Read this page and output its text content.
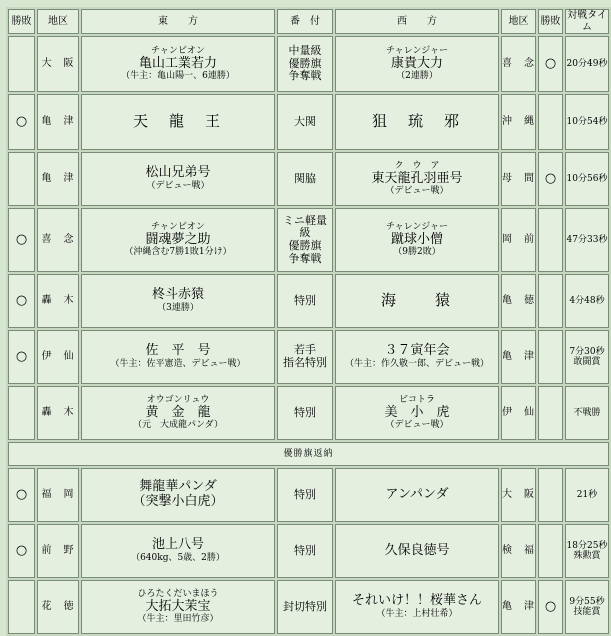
勝敗	地区	東　　方	番　付	西　　方	地区	勝敗	対戦タイム
	大　阪	チャンピオン
亀山工業若力
（牛主：亀山陽一、6連勝）	中量級
優勝旗
争奪戦	チャレンジャー
康貴大力
（2連勝）	喜　念	○	20分49秒
○	亀　津	天　龍　王	大関	狙　琉　邪	沖　縄		10分54秒
	亀　津	松山兄弟号
（デビュー戦）	関脇	ク　ウ　ア
東天龍孔羽亜号
（デビュー戦）	母　間	○	10分56秒
○	喜　念	チャンピオン
闘魂夢之助
（沖縄含む7勝1敗1分け）	ミニ軽量
級
優勝旗
争奪戦	チャレンジャー
蹴球小僧
（9勝2敗）	岡　前		47分33秒
○	轟　木	柊斗赤猿
（3連勝）	特別	海　　猿	亀　徳		4分48秒
○	伊　仙	佐　平　号
（牛主：佐平憲造、デビュー戦）	若手
指名特別	３７寅年会
（牛主：作久敬一郎、デビュー戦）	亀　津		7分30秒
敢闘賞
	轟　木	オウゴンリュウ
黄　金　龍
（元　大成龍パンダ）	特別	ビコトラ
美　小　虎
（デビュー戦）	伊　仙		不戦勝
優勝旗返納							
○	福　岡	舞龍華パンダ
（突撃小白虎）	特別	アンパンダ	大　阪		21秒
○	前　野	池上八号
（640kg、5歳、2勝）	特別	久保良徳号	検　福		18分25秒
殊勲賞
	花　徳	ひろたくだいまほう
大拓大茉宝
（牛主：里田竹彦）	封切特別	それいけ！！桜華さん
（牛主：上村壮希）	亀　津	○	9分55秒
技能賞
